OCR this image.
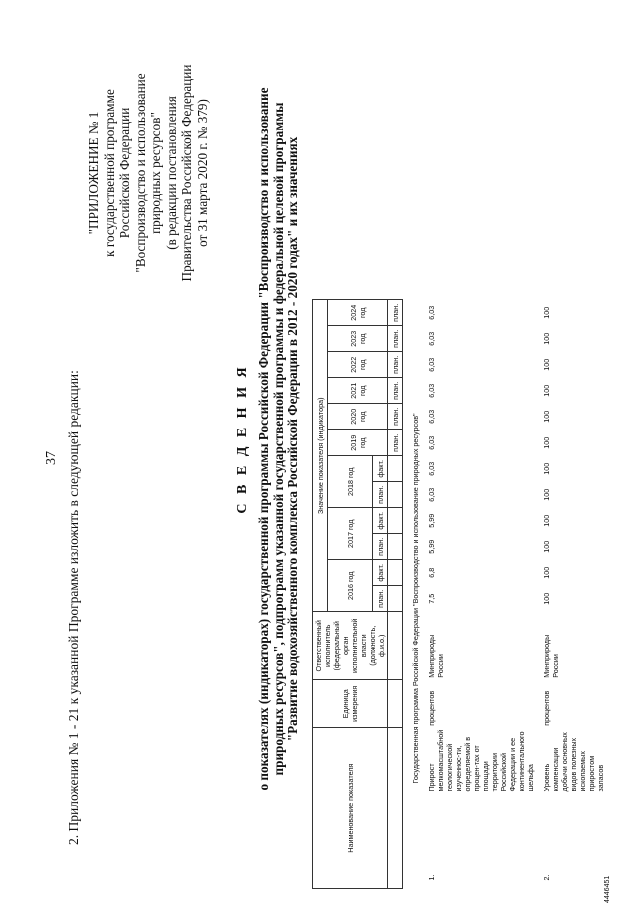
37 2. Приложения № 1 - 21 к указанной Программе изложить в следующей редакции:
"ПРИЛОЖЕНИЕ № 1 к государственной программе Российской Федерации "Воспроизводство и использование природных ресурсов" (в редакции постановления Правительства Российской Федерации от 31 марта 2020 г. № 379)
С В Е Д Е Н И Я о показателях (индикаторах) государственной программы Российской Федерации "Воспроизводство и использование природных ресурсов", подпрограмм указанной государственной программы и федеральной целевой программы "Развитие водохозяйственного комплекса Российской Федерации в 2012 - 2020 годах" и их значениях
Наименование показателя		Единица измерения	Ответственный исполнитель (федеральный орган исполнительной власти (должность, ф.и.о.)	Значение показателя (индикатора)											
				2016 год		2017 год		2018 год		2019 год	2020 год	2021 год	2022 год	2023 год	2024 год
				план.	факт.	план.	факт.	план.	факт.						
										план.	план.	план.	план.	план.	план.
Государственная программа Российской Федерации "Воспроизводство и использование природных ресурсов"															
1.	Прирост мелкомасштабной геологической изученнос-ти, определяемой в процен-тах от площади территории Российской Федерации и ее континентального шельфа	процентов	Минприроды России	7,5	6,8	5,99	5,99	6,03	6,03	6,03	6,03	6,03	6,03	6,03	6,03
2.	Уровень компенсации добычи основных видов полезных ископаемых приростом запасов	процентов	Минприроды России	100	100	100	100	100	100	100	100	100	100	100	100
4446451
